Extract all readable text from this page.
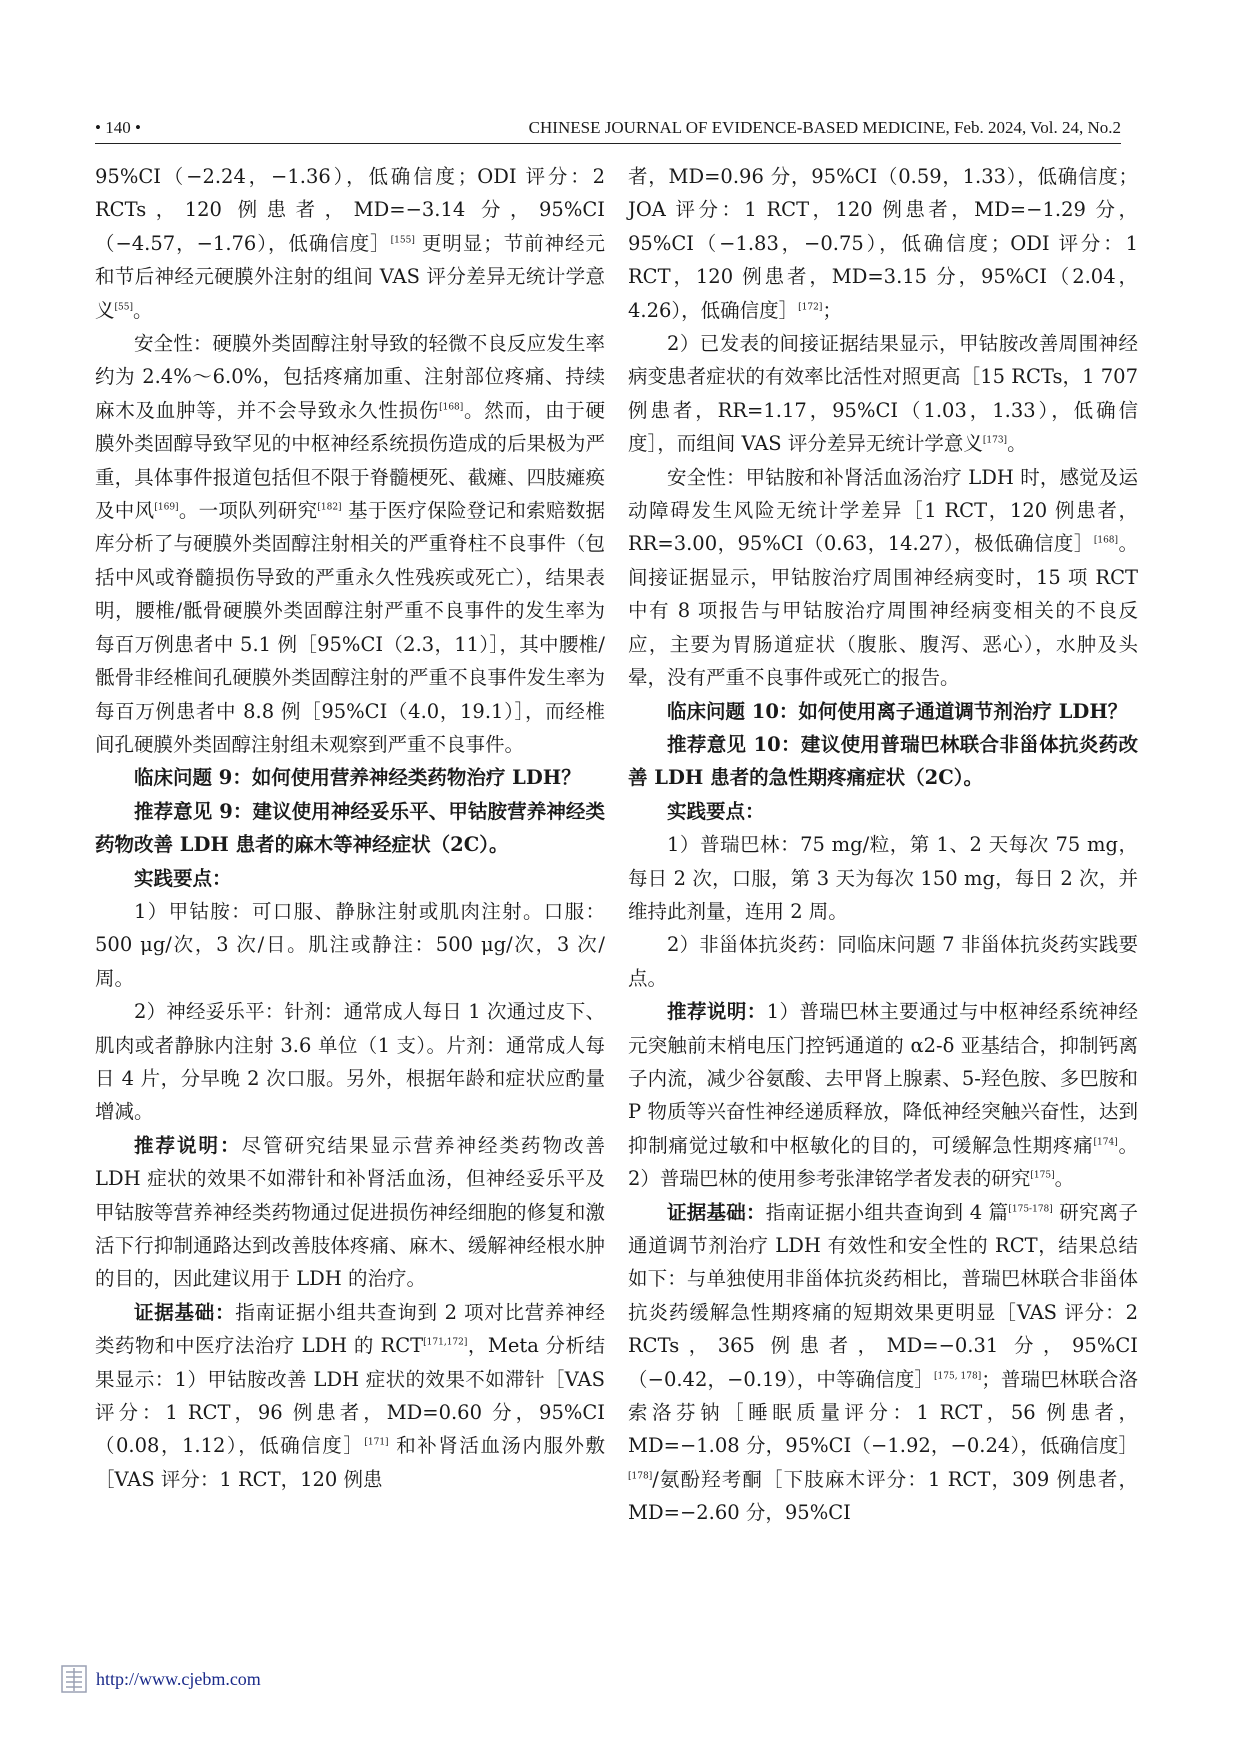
• 140 •	CHINESE JOURNAL OF EVIDENCE-BASED MEDICINE, Feb. 2024, Vol. 24, No.2

95%CI（−2.24，−1.36），低确信度；ODI 评分：2 RCTs，120 例患者，MD=−3.14 分，95%CI（−4.57，−1.76），低确信度］[155] 更明显；节前神经元和节后神经元硬膜外注射的组间 VAS 评分差异无统计学意义[55]。

安全性：硬膜外类固醇注射导致的轻微不良反应发生率约为 2.4%～6.0%，包括疼痛加重、注射部位疼痛、持续麻木及血肿等，并不会导致永久性损伤[168]。然而，由于硬膜外类固醇导致罕见的中枢神经系统损伤造成的后果极为严重，具体事件报道包括但不限于脊髓梗死、截瘫、四肢瘫痪及中风[169]。一项队列研究[182] 基于医疗保险登记和索赔数据库分析了与硬膜外类固醇注射相关的严重脊柱不良事件（包括中风或脊髓损伤导致的严重永久性残疾或死亡），结果表明，腰椎/骶骨硬膜外类固醇注射严重不良事件的发生率为每百万例患者中 5.1 例［95%CI（2.3，11）］，其中腰椎/骶骨非经椎间孔硬膜外类固醇注射的严重不良事件发生率为每百万例患者中 8.8 例［95%CI（4.0，19.1）］，而经椎间孔硬膜外类固醇注射组未观察到严重不良事件。

临床问题 9：如何使用营养神经类药物治疗 LDH？

推荐意见 9：建议使用神经妥乐平、甲钴胺营养神经类药物改善 LDH 患者的麻木等神经症状（2C）。

实践要点：

1）甲钴胺：可口服、静脉注射或肌肉注射。口服：500 μg/次，3 次/日。肌注或静注：500 μg/次，3 次/周。

2）神经妥乐平：针剂：通常成人每日 1 次通过皮下、肌肉或者静脉内注射 3.6 单位（1 支）。片剂：通常成人每日 4 片，分早晚 2 次口服。另外，根据年龄和症状应酌量增减。

推荐说明：尽管研究结果显示营养神经类药物改善 LDH 症状的效果不如滞针和补肾活血汤，但神经妥乐平及甲钴胺等营养神经类药物通过促进损伤神经细胞的修复和激活下行抑制通路达到改善肢体疼痛、麻木、缓解神经根水肿的目的，因此建议用于 LDH 的治疗。

证据基础：指南证据小组共查询到 2 项对比营养神经类药物和中医疗法治疗 LDH 的 RCT[171,172]，Meta 分析结果显示：1）甲钴胺改善 LDH 症状的效果不如滞针［VAS 评分：1 RCT，96 例患者，MD=0.60 分，95%CI（0.08，1.12），低确信度］[171] 和补肾活血汤内服外敷［VAS 评分：1 RCT，120 例患

者，MD=0.96 分，95%CI（0.59，1.33），低确信度；JOA 评分：1 RCT，120 例患者，MD=−1.29 分，95%CI（−1.83，−0.75），低确信度；ODI 评分：1 RCT，120 例患者，MD=3.15 分，95%CI（2.04，4.26），低确信度］[172]；

2）已发表的间接证据结果显示，甲钴胺改善周围神经病变患者症状的有效率比活性对照更高［15 RCTs，1 707 例患者，RR=1.17，95%CI（1.03，1.33），低确信度］，而组间 VAS 评分差异无统计学意义[173]。

安全性：甲钴胺和补肾活血汤治疗 LDH 时，感觉及运动障碍发生风险无统计学差异［1 RCT，120 例患者，RR=3.00，95%CI（0.63，14.27），极低确信度］[168]。间接证据显示，甲钴胺治疗周围神经病变时，15 项 RCT 中有 8 项报告与甲钴胺治疗周围神经病变相关的不良反应，主要为胃肠道症状（腹胀、腹泻、恶心），水肿及头晕，没有严重不良事件或死亡的报告。

临床问题 10：如何使用离子通道调节剂治疗 LDH？

推荐意见 10：建议使用普瑞巴林联合非甾体抗炎药改善 LDH 患者的急性期疼痛症状（2C）。

实践要点：

1）普瑞巴林：75 mg/粒，第 1、2 天每次 75 mg，每日 2 次，口服，第 3 天为每次 150 mg，每日 2 次，并维持此剂量，连用 2 周。

2）非甾体抗炎药：同临床问题 7 非甾体抗炎药实践要点。

推荐说明：1）普瑞巴林主要通过与中枢神经系统神经元突触前末梢电压门控钙通道的 α2-δ 亚基结合，抑制钙离子内流，减少谷氨酸、去甲肾上腺素、5-羟色胺、多巴胺和 P 物质等兴奋性神经递质释放，降低神经突触兴奋性，达到抑制痛觉过敏和中枢敏化的目的，可缓解急性期疼痛[174]。2）普瑞巴林的使用参考张津铭学者发表的研究[175]。

证据基础：指南证据小组共查询到 4 篇[175-178] 研究离子通道调节剂治疗 LDH 有效性和安全性的 RCT，结果总结如下：与单独使用非甾体抗炎药相比，普瑞巴林联合非甾体抗炎药缓解急性期疼痛的短期效果更明显［VAS 评分：2 RCTs，365 例患者，MD=−0.31 分，95%CI（−0.42，−0.19），中等确信度］[175, 178]；普瑞巴林联合洛索洛芬钠［睡眠质量评分：1 RCT，56 例患者，MD=−1.08 分，95%CI（−1.92，−0.24），低确信度］[178]/氨酚羟考酮［下肢麻木评分：1 RCT，309 例患者，MD=−2.60 分，95%CI

http://www.cjebm.com
